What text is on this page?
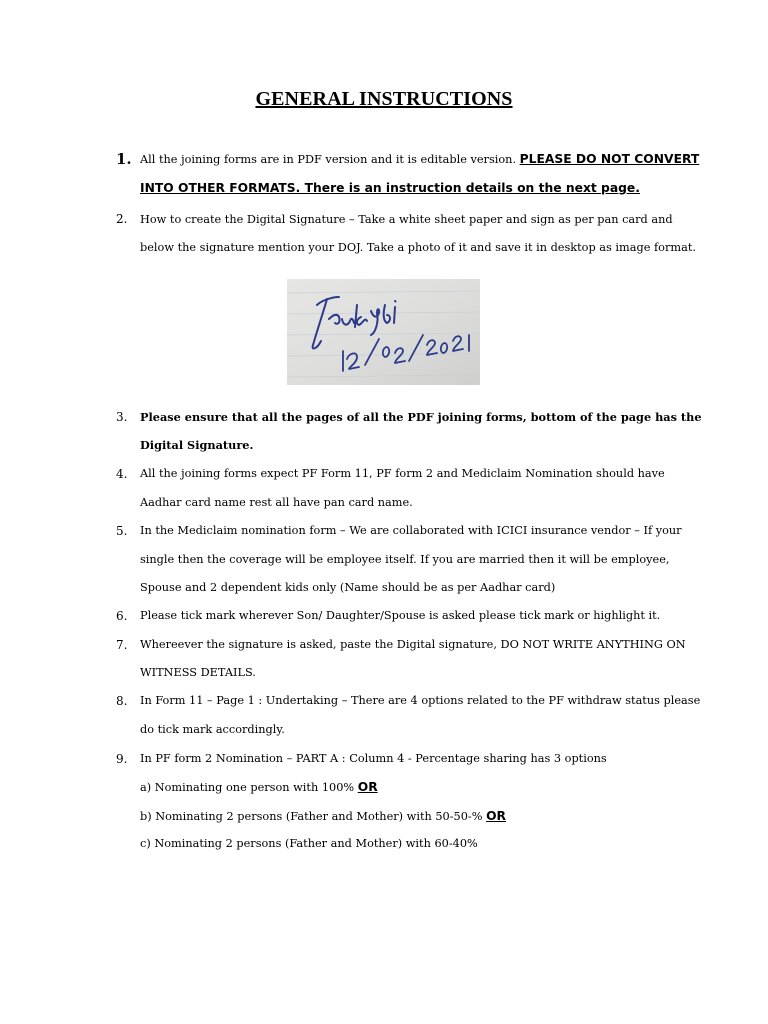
GENERAL INSTRUCTIONS
1. All the joining forms are in PDF version and it is editable version. PLEASE DO NOT CONVERT
INTO OTHER FORMATS. There is an instruction details on the next page.
2. How to create the Digital Signature – Take a white sheet paper and sign as per pan card and
below the signature mention your DOJ. Take a photo of it and save it in desktop as image format.
3. Please ensure that all the pages of all the PDF joining forms, bottom of the page has the
Digital Signature.
4. All the joining forms expect PF Form 11, PF form 2 and Mediclaim Nomination should have
Aadhar card name rest all have pan card name.
5. In the Mediclaim nomination form – We are collaborated with ICICI insurance vendor – If your
single then the coverage will be employee itself. If you are married then it will be employee,
Spouse and 2 dependent kids only (Name should be as per Aadhar card)
6. Please tick mark wherever Son/ Daughter/Spouse is asked please tick mark or highlight it.
7. Whereever the signature is asked, paste the Digital signature, DO NOT WRITE ANYTHING ON
WITNESS DETAILS.
8. In Form 11 – Page 1 : Undertaking – There are 4 options related to the PF withdraw status please
do tick mark accordingly.
9. In PF form 2 Nomination – PART A : Column 4 - Percentage sharing has 3 options
a) Nominating one person with 100% OR
b) Nominating 2 persons (Father and Mother) with 50-50-% OR
c) Nominating 2 persons (Father and Mother) with 60-40%
